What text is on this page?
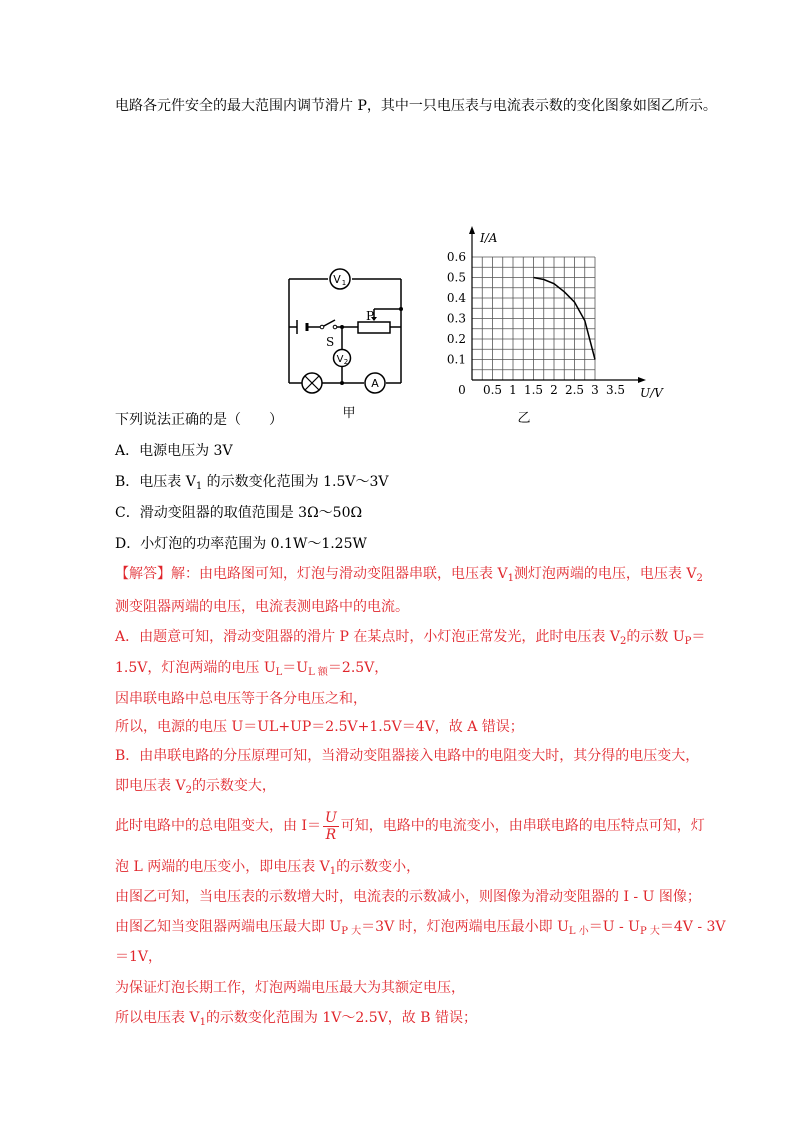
电路各元件安全的最大范围内调节滑片 P，其中一只电压表与电流表示数的变化图象如图乙所示。
V 1
V 2
A
P
S
甲
0.5 1 1.5 2 2.5 3 3.5
0.6
0.5
0.4
0.3
0.2
0.1
0
I/A
U/V
乙
下列说法正确的是（　　）
A．电源电压为 3V
B．电压表 $V_1$ 的示数变化范围为 1.5V～3V
C．滑动变阻器的取值范围是 3Ω～50Ω
D．小灯泡的功率范围为 0.1W～1.25W
【解答】解：由电路图可知，灯泡与滑动变阻器串联，电压表 $V_1$测灯泡两端的电压，电压表 $V_2$
测变阻器两端的电压，电流表测电路中的电流。
A．由题意可知，滑动变阻器的滑片 P 在某点时，小灯泡正常发光，此时电压表 $V_2$的示数 $U_P=$
1.5V，灯泡两端的电压 $U_L=U_{L 额}=2.5V$，
因串联电路中总电压等于各分电压之和，
所以，电源的电压 U＝UL+UP＝2.5V+1.5V＝4V，故 A 错误；
B．由串联电路的分压原理可知，当滑动变阻器接入电路中的电阻变大时，其分得的电压变大，
即电压表 $V_2$的示数变大，
此时电路中的总电阻变大，由 $I= \frac{U}{R}$ 可知，电路中的电流变小，由串联电路的电压特点可知，灯
泡 L 两端的电压变小，即电压表 $V_1$的示数变小，
由图乙可知，当电压表的示数增大时，电流表的示数减小，则图像为滑动变阻器的 I - U 图像；
由图乙知当变阻器两端电压最大即 $U_{P 大}=3V$ 时，灯泡两端电压最小即 $U_{L 小}=U - U_{P 大}=4V - 3V$
＝1V，
为保证灯泡长期工作，灯泡两端电压最大为其额定电压，
所以电压表 $V_1$的示数变化范围为 1V～2.5V，故 B 错误；
